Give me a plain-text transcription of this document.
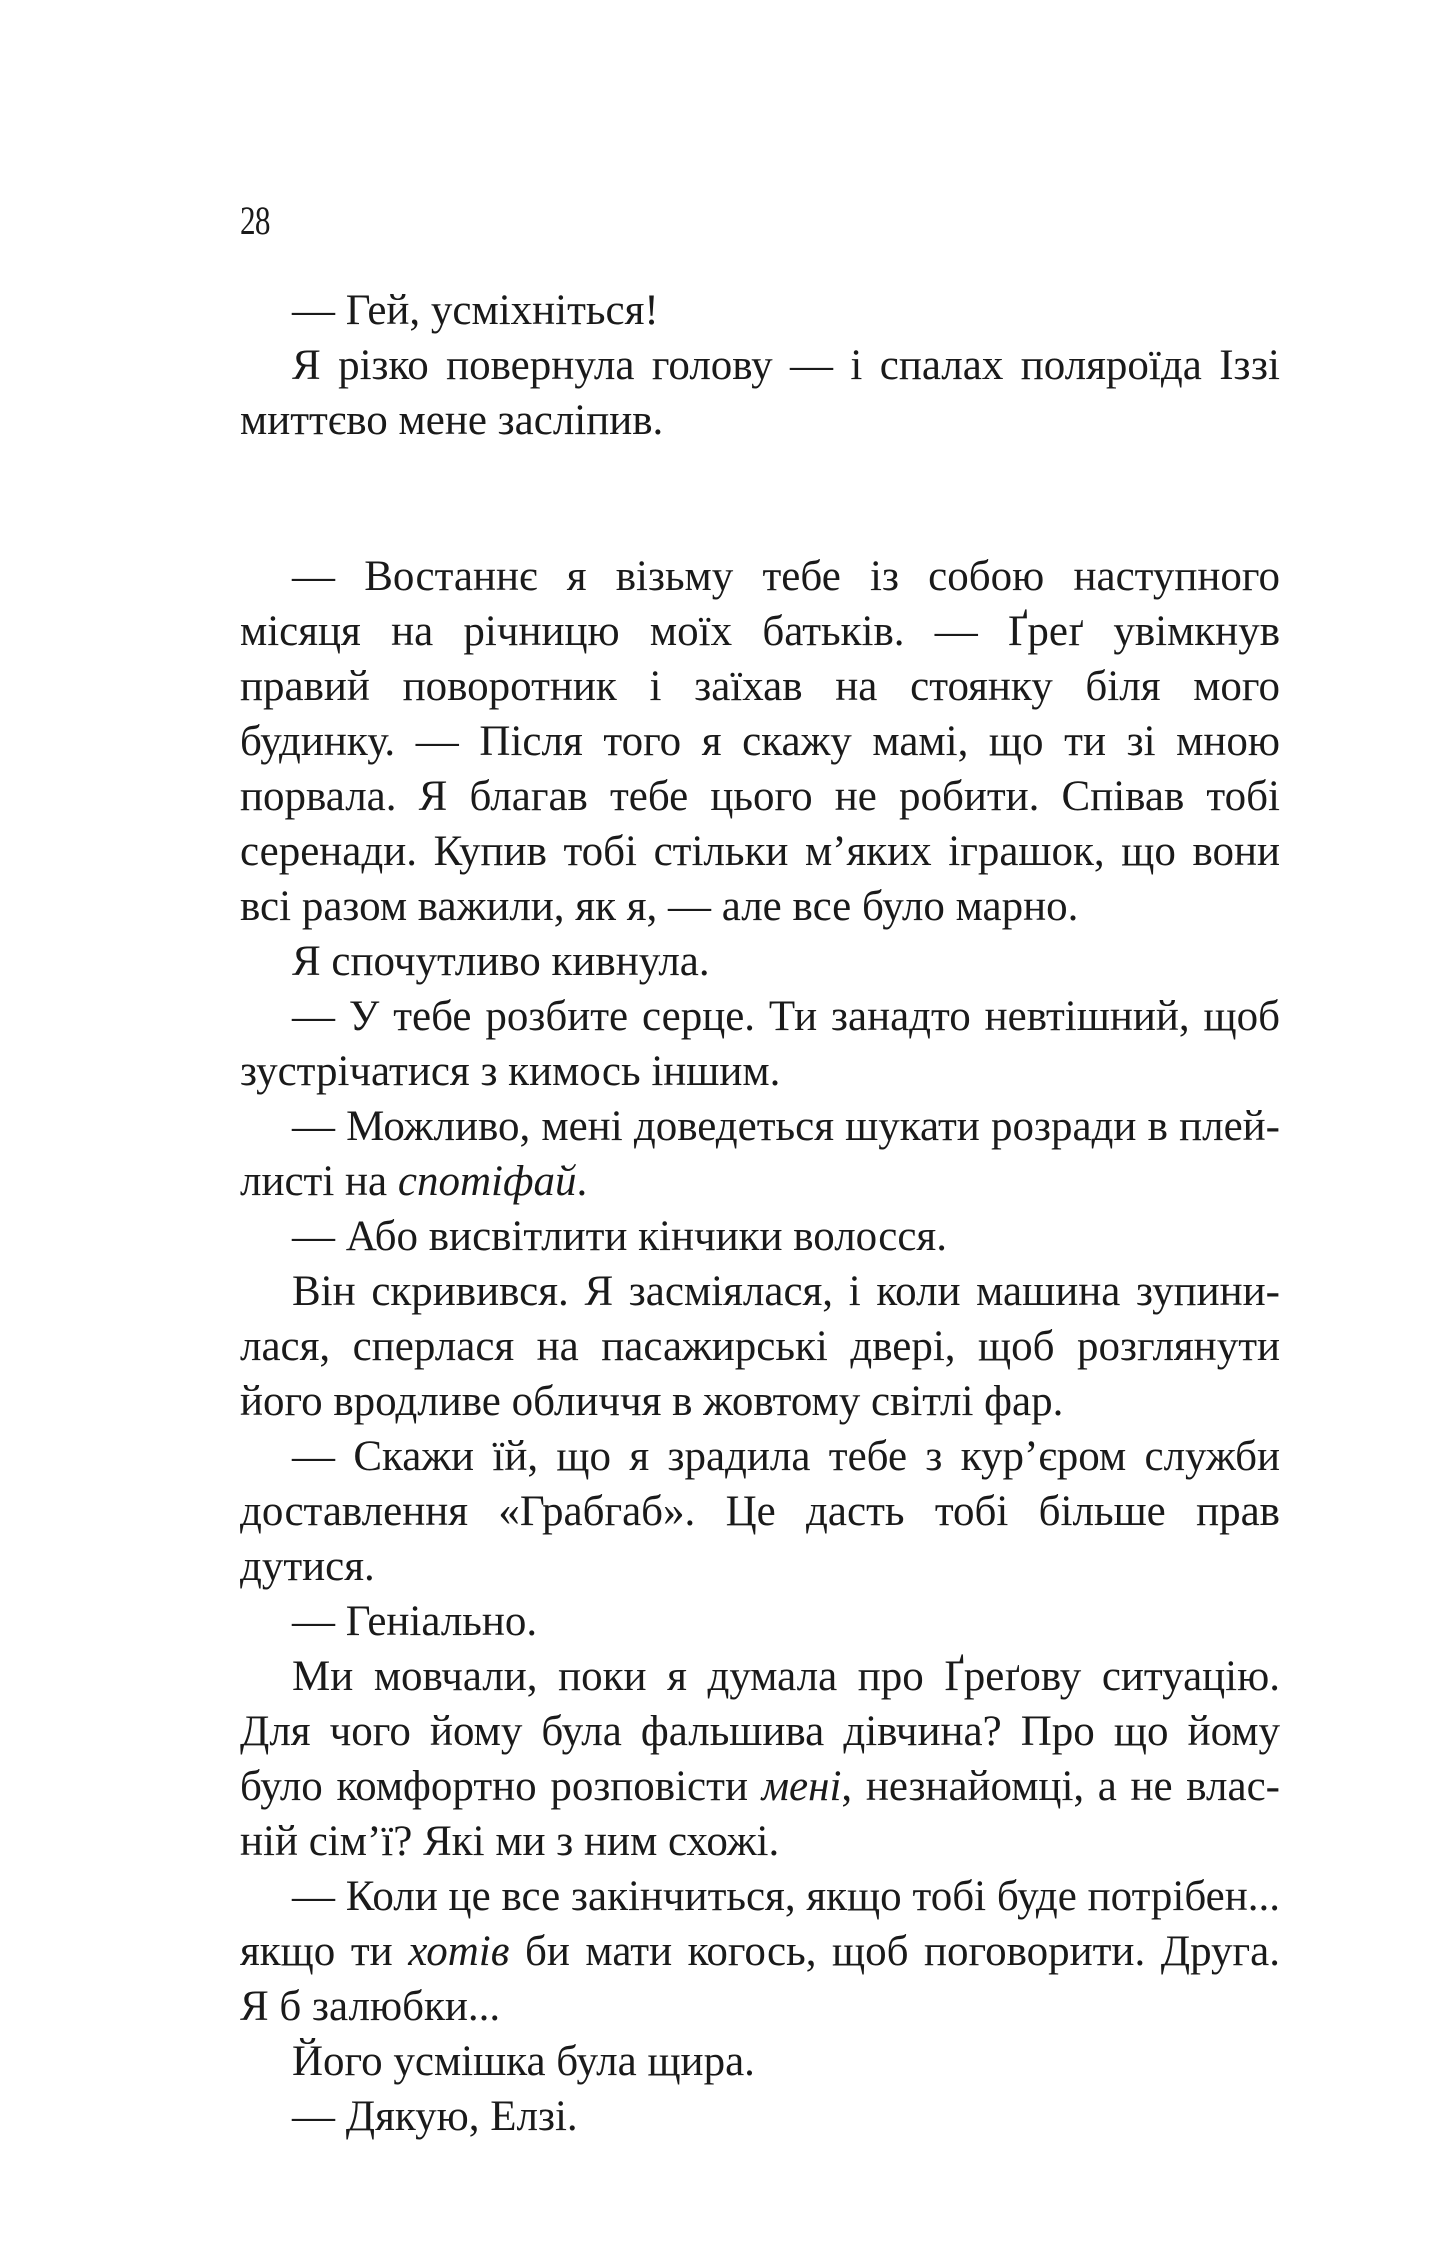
28

— Гей, усміхніться!

Я різко повернула голову — і спалах поляроїда Іззі миттєво мене засліпив.

— Востаннє я візьму тебе із собою наступного місяця на річницю моїх батьків. — Ґреґ увімкнув правий поворотник і заїхав на стоянку біля мого будинку. — Після того я скажу мамі, що ти зі мною порвала. Я благав тебе цього не робити. Співав тобі серенади. Купив тобі стільки м’яких іграшок, що вони всі разом важили, як я, — але все було марно.

Я спочутливо кивнула.

— У тебе розбите серце. Ти занадто невтішний, щоб зустрічатися з кимось іншим.

— Можливо, мені доведеться шукати розради в плейлисті на спотіфай.

— Або висвітлити кінчики волосся.

Він скривився. Я засміялася, і коли машина зупинилася, сперлася на пасажирські двері, щоб розглянути його вродливе обличчя в жовтому світлі фар.

— Скажи їй, що я зрадила тебе з кур’єром служби доставлення «Грабгаб». Це дасть тобі більше прав дутися.

— Геніально.

Ми мовчали, поки я думала про Ґреґову ситуацію. Для чого йому була фальшива дівчина? Про що йому було комфортно розповісти мені, незнайомці, а не власній сім’ї? Які ми з ним схожі.

— Коли це все закінчиться, якщо тобі буде потрібен... якщо ти хотів би мати когось, щоб поговорити. Друга. Я б залюбки...

Його усмішка була щира.

— Дякую, Елзі.
